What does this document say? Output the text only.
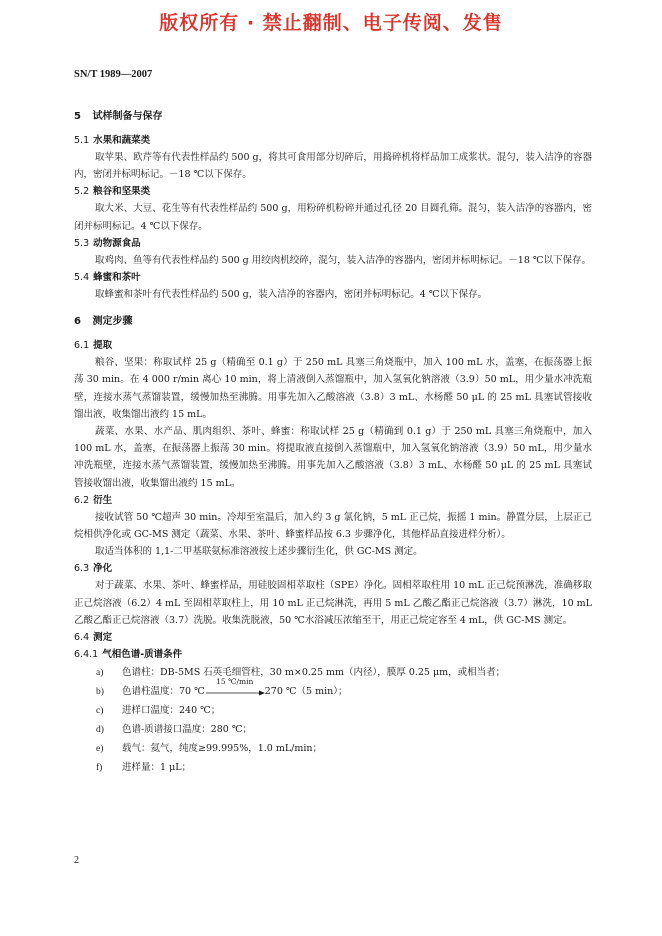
版权所有 · 禁止翻制、电子传阅、发售
SN/T 1989—2007
5 试样制备与保存
5.1 水果和蔬菜类

取苹果、欧芹等有代表性样品约 500 g，将其可食用部分切碎后，用捣碎机将样品加工成浆状。混匀，装入洁净的容器内，密闭并标明标记。－18 ℃以下保存。

5.2 粮谷和坚果类

取大米、大豆、花生等有代表性样品约 500 g，用粉碎机粉碎并通过孔径 20 目圆孔筛。混匀，装入洁净的容器内，密闭并标明标记。4 ℃以下保存。

5.3 动物源食品

取鸡肉、鱼等有代表性样品约 500 g 用绞肉机绞碎，混匀，装入洁净的容器内，密闭并标明标记。－18 ℃以下保存。

5.4 蜂蜜和茶叶

取蜂蜜和茶叶有代表性样品约 500 g，装入洁净的容器内，密闭并标明标记。4 ℃以下保存。

6 测定步骤
6.1 提取

粮谷、坚果：称取试样 25 g（精确至 0.1 g）于 250 mL 具塞三角烧瓶中，加入 100 mL 水，盖塞，在振荡器上振荡 30 min。在 4 000 r/min 离心 10 min，将上清液倒入蒸馏瓶中，加入氢氧化钠溶液（3.9）50 mL，用少量水冲洗瓶壁，连接水蒸气蒸馏装置，缓慢加热至沸腾。用事先加入乙酸溶液（3.8）3 mL、水杨醛 50 μL 的 25 mL 具塞试管接收馏出液，收集馏出液约 15 mL。

蔬菜、水果、水产品、肌肉组织、茶叶、蜂蜜：称取试样 25 g（精确到 0.1 g）于 250 mL 具塞三角烧瓶中，加入 100 mL 水，盖塞，在振荡器上振荡 30 min。将提取液直接倒入蒸馏瓶中，加入氢氧化钠溶液（3.9）50 mL，用少量水冲洗瓶壁，连接水蒸气蒸馏装置，缓慢加热至沸腾。用事先加入乙酸溶液（3.8）3 mL、水杨醛 50 μL 的 25 mL 具塞试管接收馏出液，收集馏出液约 15 mL。

6.2 衍生

接收试管 50 ℃超声 30 min。冷却至室温后，加入约 3 g 氯化钠，5 mL 正己烷，振摇 1 min。静置分层，上层正己烷相供净化或 GC-MS 测定（蔬菜、水果、茶叶、蜂蜜样品按 6.3 步骤净化，其他样品直接进样分析）。

取适当体积的 1,1-二甲基联氨标准溶液按上述步骤衍生化，供 GC-MS 测定。

6.3 净化

对于蔬菜、水果、茶叶、蜂蜜样品，用硅胶固相萃取柱（SPE）净化。固相萃取柱用 10 mL 正己烷预淋洗，准确移取正己烷溶液（6.2）4 mL 至固相萃取柱上，用 10 mL 正己烷淋洗，再用 5 mL 乙酸乙酯正己烷溶液（3.7）淋洗，10 mL 乙酸乙酯正己烷溶液（3.7）洗脱。收集洗脱液，50 ℃水浴减压浓缩至干，用正己烷定容至 4 mL，供 GC-MS 测定。

6.4 测定
6.4.1 气相色谱-质谱条件
a) 色谱柱：DB-5MS 石英毛细管柱，30 m×0.25 mm（内径），膜厚 0.25 μm，或相当者；
b) 色谱柱温度：70 ℃
15 ℃/min
270 ℃（5 min）；
c) 进样口温度：240 ℃；
d) 色谱-质谱接口温度：280 ℃；
e) 载气：氦气，纯度≥99.995%，1.0 mL/min；
f) 进样量：1 μL；
2
